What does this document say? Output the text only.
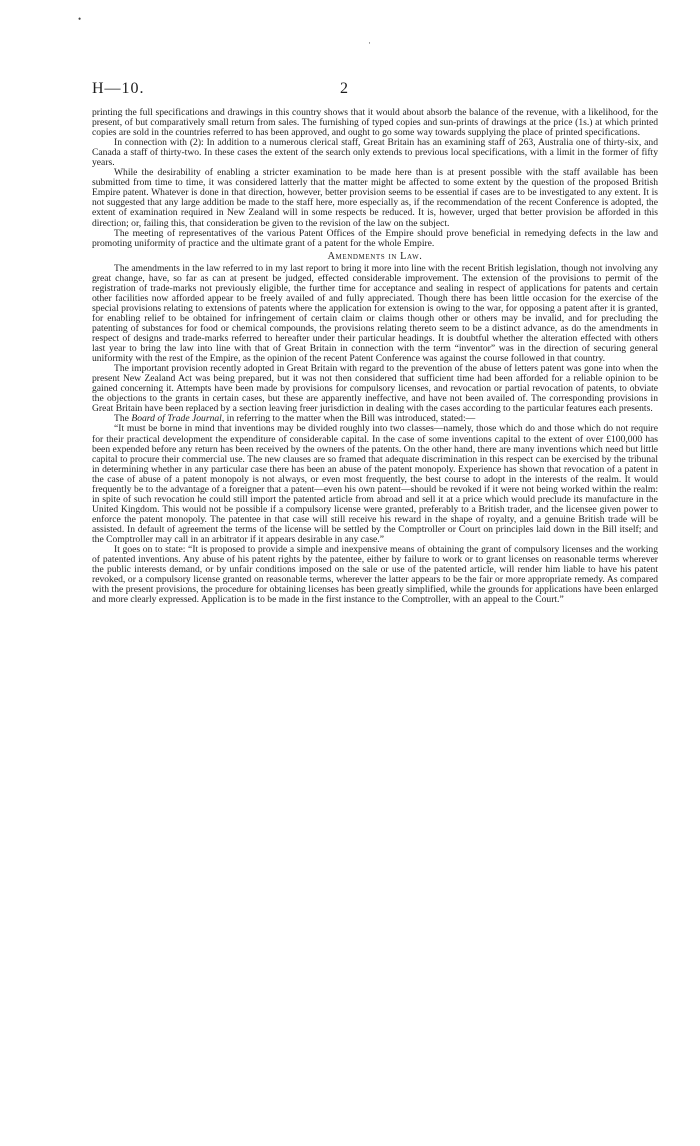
•
·
H—10.	2

printing the full specifications and drawings in this country shows that it would about absorb the balance of the revenue, with a likelihood, for the present, of but comparatively small return from sales. The furnishing of typed copies and sun-prints of drawings at the price (1s.) at which printed copies are sold in the countries referred to has been approved, and ought to go some way towards supplying the place of printed specifications.

In connection with (2): In addition to a numerous clerical staff, Great Britain has an examining staff of 263, Australia one of thirty-six, and Canada a staff of thirty-two. In these cases the extent of the search only extends to previous local specifications, with a limit in the former of fifty years.

While the desirability of enabling a stricter examination to be made here than is at present possible with the staff available has been submitted from time to time, it was considered latterly that the matter might be affected to some extent by the question of the proposed British Empire patent. Whatever is done in that direction, however, better provision seems to be essential if cases are to be investigated to any extent. It is not suggested that any large addition be made to the staff here, more especially as, if the recommendation of the recent Conference is adopted, the extent of examination required in New Zealand will in some respects be reduced. It is, however, urged that better provision be afforded in this direction; or, failing this, that consideration be given to the revision of the law on the subject.

The meeting of representatives of the various Patent Offices of the Empire should prove beneficial in remedying defects in the law and promoting uniformity of practice and the ultimate grant of a patent for the whole Empire.

Amendments in Law.

The amendments in the law referred to in my last report to bring it more into line with the recent British legislation, though not involving any great change, have, so far as can at present be judged, effected considerable improvement. The extension of the provisions to permit of the registration of trade-marks not previously eligible, the further time for acceptance and sealing in respect of applications for patents and certain other facilities now afforded appear to be freely availed of and fully appreciated. Though there has been little occasion for the exercise of the special provisions relating to extensions of patents where the application for extension is owing to the war, for opposing a patent after it is granted, for enabling relief to be obtained for infringement of certain claim or claims though other or others may be invalid, and for precluding the patenting of substances for food or chemical compounds, the provisions relating thereto seem to be a distinct advance, as do the amendments in respect of designs and trade-marks referred to hereafter under their particular headings. It is doubtful whether the alteration effected with others last year to bring the law into line with that of Great Britain in connection with the term “inventor” was in the direction of securing general uniformity with the rest of the Empire, as the opinion of the recent Patent Conference was against the course followed in that country.

The important provision recently adopted in Great Britain with regard to the prevention of the abuse of letters patent was gone into when the present New Zealand Act was being prepared, but it was not then considered that sufficient time had been afforded for a reliable opinion to be gained concerning it. Attempts have been made by provisions for compulsory licenses, and revocation or partial revocation of patents, to obviate the objections to the grants in certain cases, but these are apparently ineffective, and have not been availed of. The corresponding provisions in Great Britain have been replaced by a section leaving freer jurisdiction in dealing with the cases according to the particular features each presents.

The Board of Trade Journal, in referring to the matter when the Bill was introduced, stated:—

“It must be borne in mind that inventions may be divided roughly into two classes—namely, those which do and those which do not require for their practical development the expenditure of considerable capital. In the case of some inventions capital to the extent of over £100,000 has been expended before any return has been received by the owners of the patents. On the other hand, there are many inventions which need but little capital to procure their commercial use. The new clauses are so framed that adequate discrimination in this respect can be exercised by the tribunal in determining whether in any particular case there has been an abuse of the patent monopoly. Experience has shown that revocation of a patent in the case of abuse of a patent monopoly is not always, or even most frequently, the best course to adopt in the interests of the realm. It would frequently be to the advantage of a foreigner that a patent—even his own patent—should be revoked if it were not being worked within the realm: in spite of such revocation he could still import the patented article from abroad and sell it at a price which would preclude its manufacture in the United Kingdom. This would not be possible if a compulsory license were granted, preferably to a British trader, and the licensee given power to enforce the patent monopoly. The patentee in that case will still receive his reward in the shape of royalty, and a genuine British trade will be assisted. In default of agreement the terms of the license will be settled by the Comptroller or Court on principles laid down in the Bill itself; and the Comptroller may call in an arbitrator if it appears desirable in any case.”

It goes on to state: “It is proposed to provide a simple and inexpensive means of obtaining the grant of compulsory licenses and the working of patented inventions. Any abuse of his patent rights by the patentee, either by failure to work or to grant licenses on reasonable terms wherever the public interests demand, or by unfair conditions imposed on the sale or use of the patented article, will render him liable to have his patent revoked, or a compulsory license granted on reasonable terms, wherever the latter appears to be the fair or more appropriate remedy. As compared with the present provisions, the procedure for obtaining licenses has been greatly simplified, while the grounds for applications have been enlarged and more clearly expressed. Application is to be made in the first instance to the Comptroller, with an appeal to the Court.”
